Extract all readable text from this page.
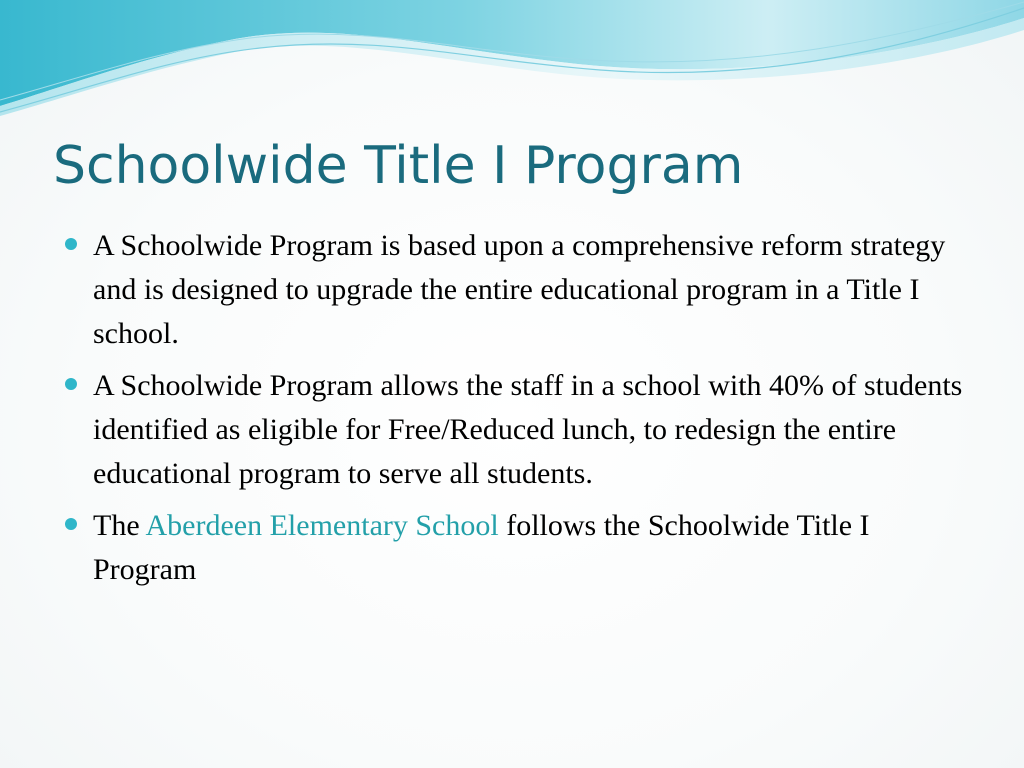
Schoolwide Title I Program
A Schoolwide Program is based upon a comprehensive reform strategy and is designed to upgrade the entire educational program in a Title I school.
A Schoolwide Program allows the staff in a school with 40% of students identified as eligible for Free/Reduced lunch, to redesign the entire educational program to serve all students.
The Aberdeen Elementary School follows the Schoolwide Title I Program
